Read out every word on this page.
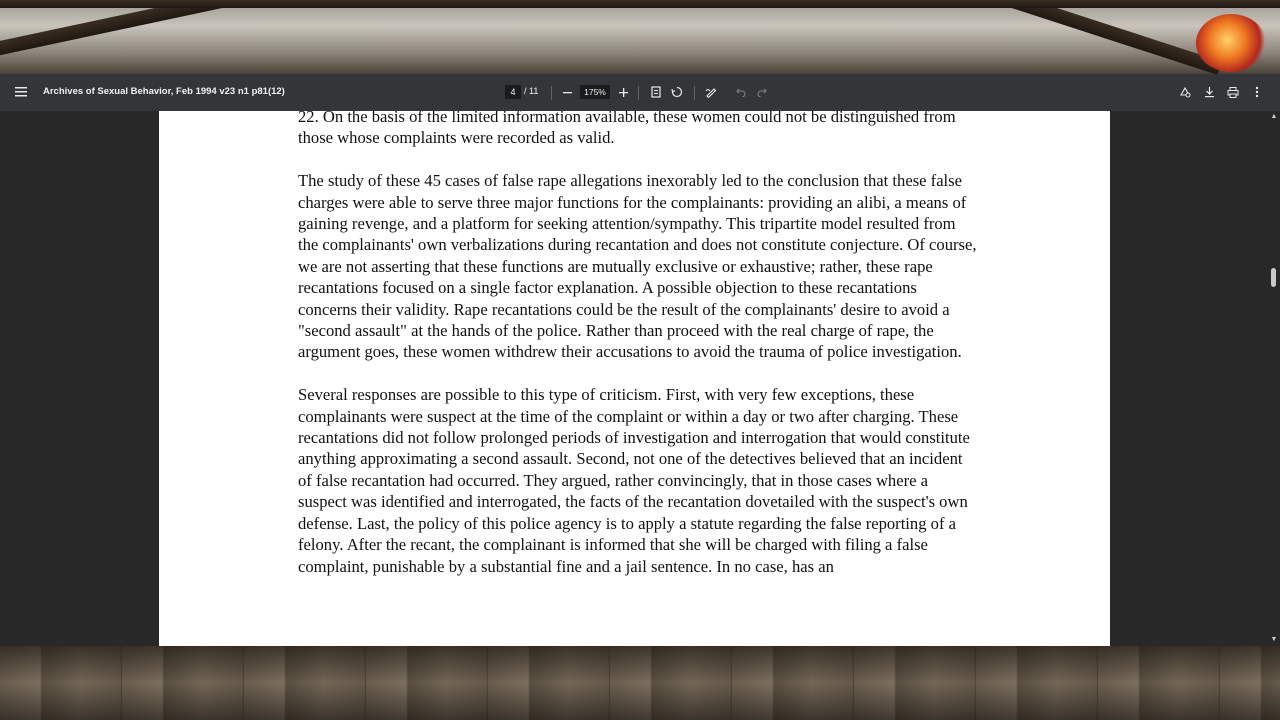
Archives of Sexual Behavior, Feb 1994 v23 n1 p81(12)	4 / 11	175%

22. On the basis of the limited information available, these women could not be distinguished from those whose complaints were recorded as valid.

The study of these 45 cases of false rape allegations inexorably led to the conclusion that these false charges were able to serve three major functions for the complainants: providing an alibi, a means of gaining revenge, and a platform for seeking attention/sympathy. This tripartite model resulted from the complainants' own verbalizations during recantation and does not constitute conjecture. Of course, we are not asserting that these functions are mutually exclusive or exhaustive; rather, these rape recantations focused on a single factor explanation. A possible objection to these recantations concerns their validity. Rape recantations could be the result of the complainants' desire to avoid a "second assault" at the hands of the police. Rather than proceed with the real charge of rape, the argument goes, these women withdrew their accusations to avoid the trauma of police investigation.

Several responses are possible to this type of criticism. First, with very few exceptions, these complainants were suspect at the time of the complaint or within a day or two after charging. These recantations did not follow prolonged periods of investigation and interrogation that would constitute anything approximating a second assault. Second, not one of the detectives believed that an incident of false recantation had occurred. They argued, rather convincingly, that in those cases where a suspect was identified and interrogated, the facts of the recantation dovetailed with the suspect's own defense. Last, the policy of this police agency is to apply a statute regarding the false reporting of a felony. After the recant, the complainant is informed that she will be charged with filing a false complaint, punishable by a substantial fine and a jail sentence. In no case, has an

▲
▼
